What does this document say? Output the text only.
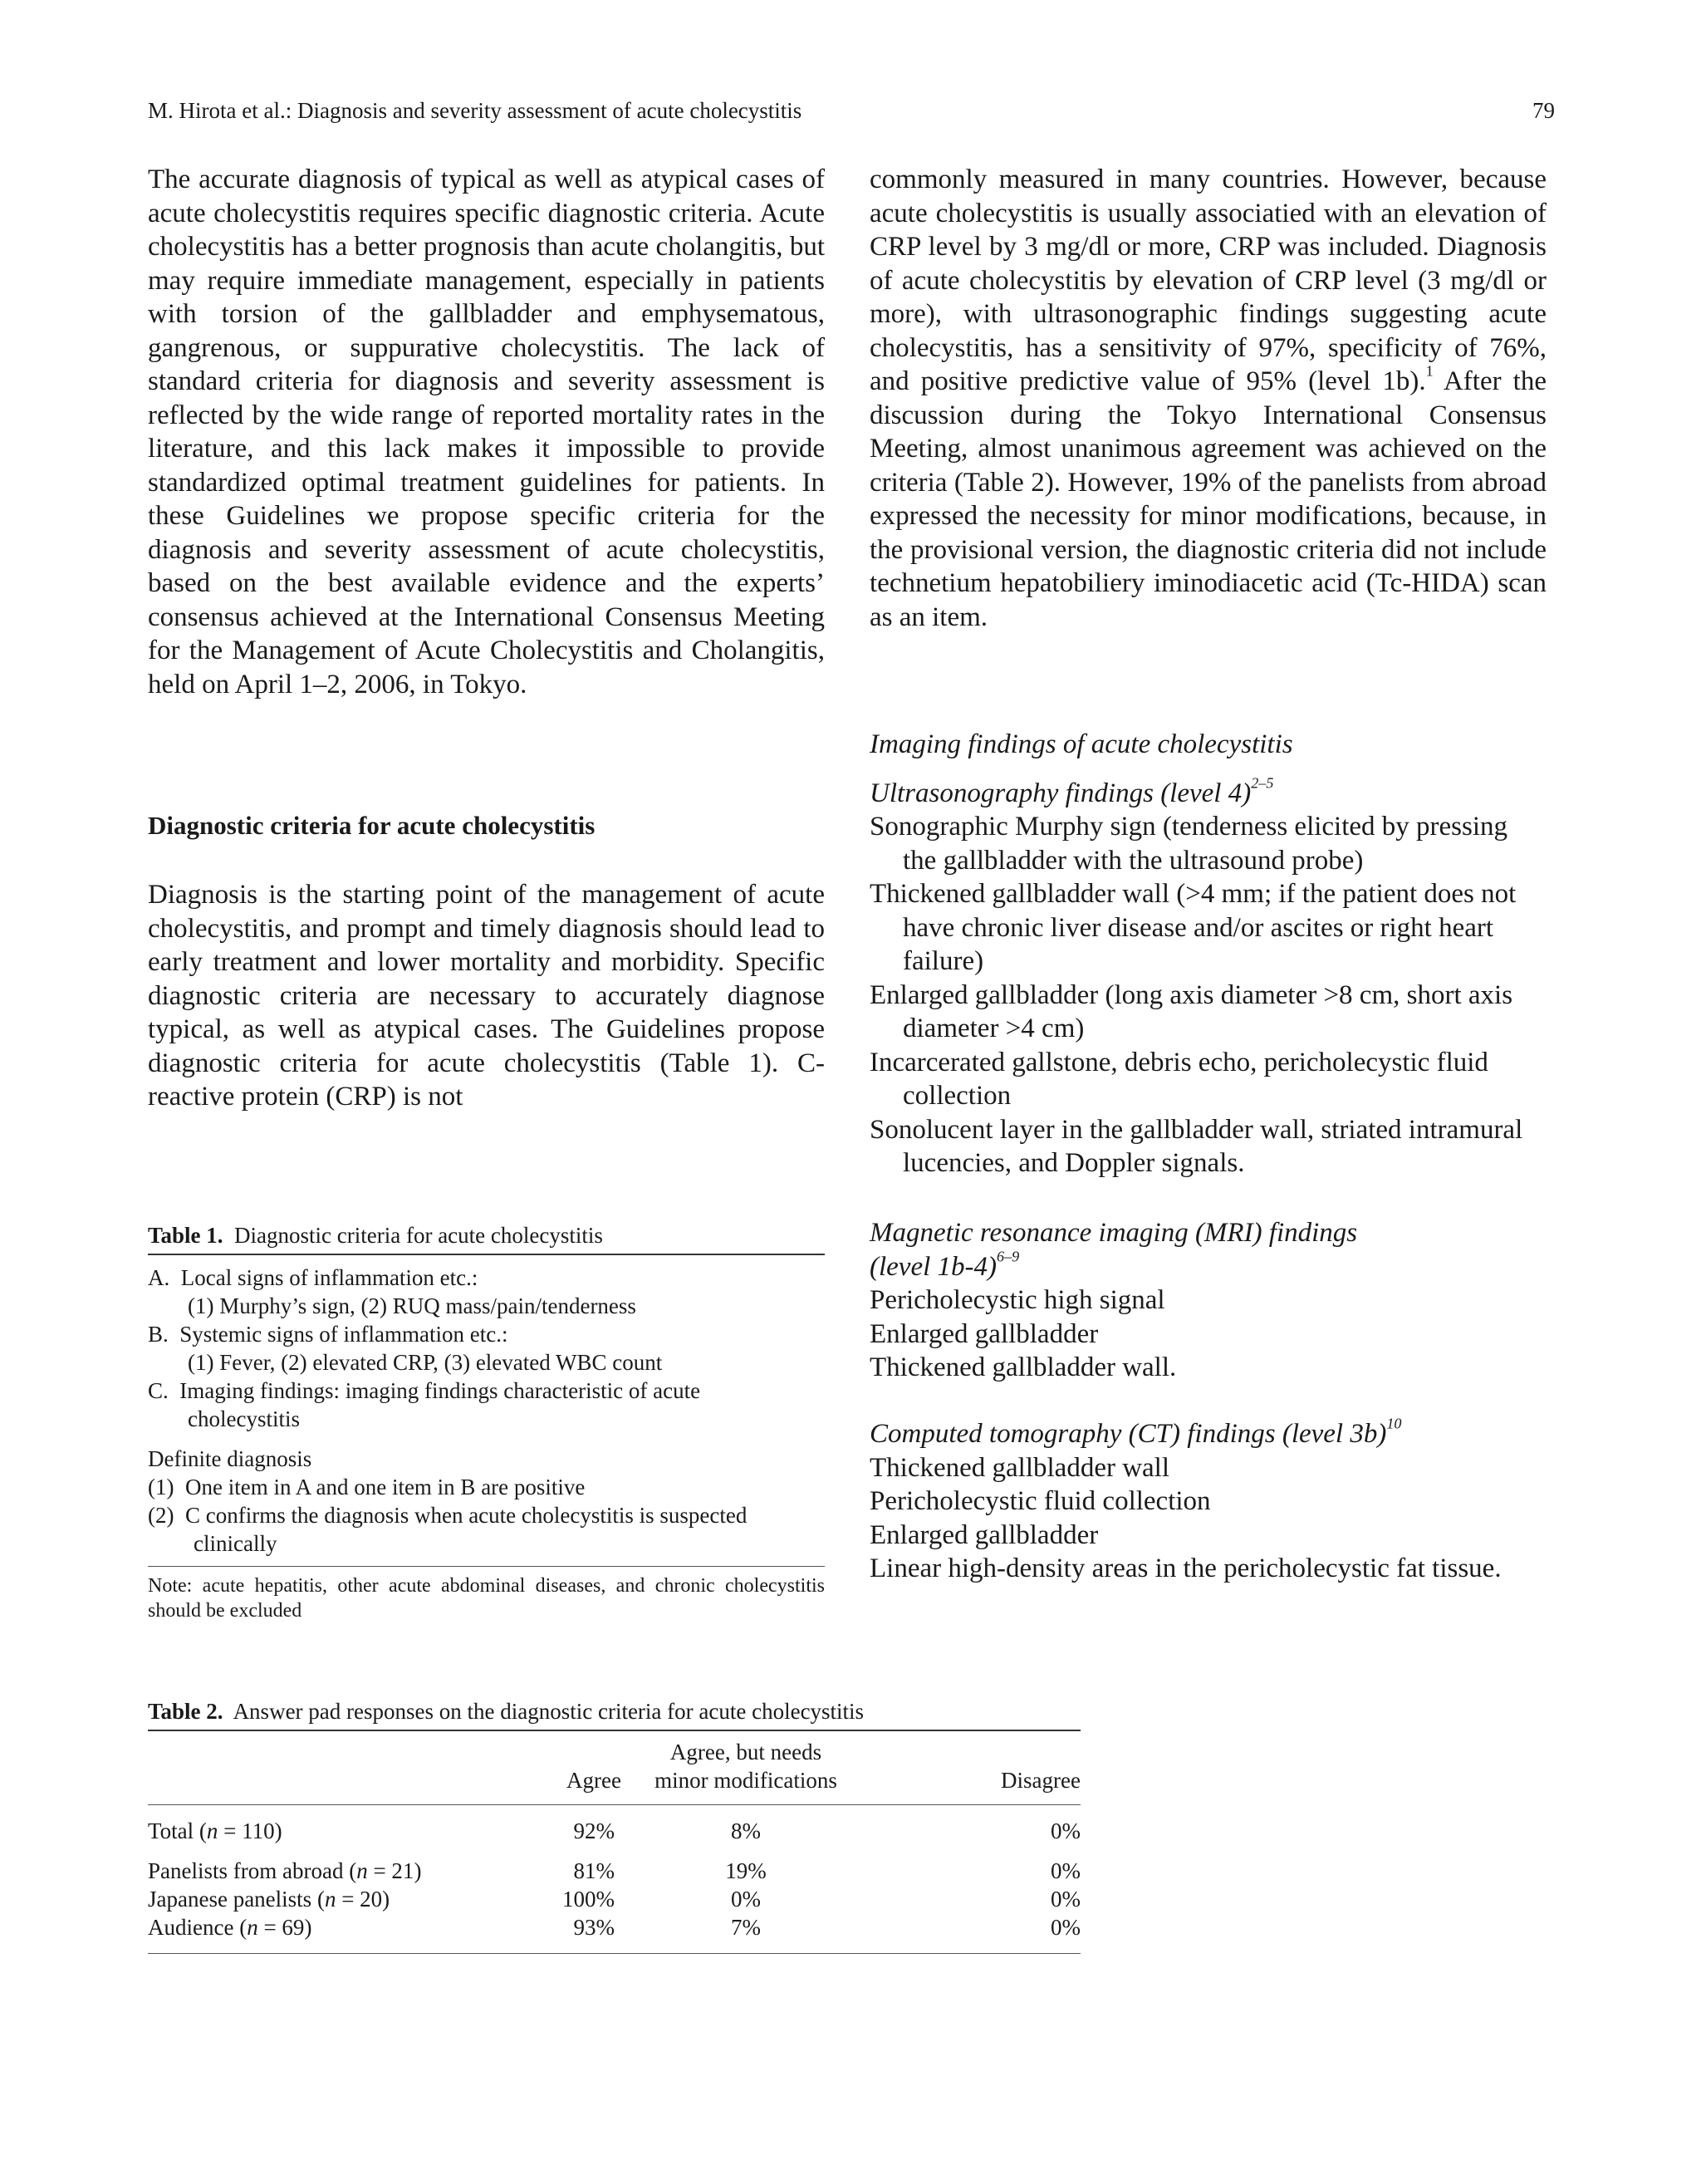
M. Hirota et al.: Diagnosis and severity assessment of acute cholecystitis	79

The accurate diagnosis of typical as well as atypical cases of acute cholecystitis requires specific diagnostic criteria. Acute cholecystitis has a better prognosis than acute cholangitis, but may require immediate management, especially in patients with torsion of the gallbladder and emphysematous, gangrenous, or suppurative cholecystitis. The lack of standard criteria for diagnosis and severity assessment is reflected by the wide range of reported mortality rates in the literature, and this lack makes it impossible to provide standardized optimal treatment guidelines for patients. In these Guidelines we propose specific criteria for the diagnosis and severity assessment of acute cholecystitis, based on the best available evidence and the experts’ consensus achieved at the International Consensus Meeting for the Management of Acute Cholecystitis and Cholangitis, held on April 1–2, 2006, in Tokyo.

Diagnostic criteria for acute cholecystitis

Diagnosis is the starting point of the management of acute cholecystitis, and prompt and timely diagnosis should lead to early treatment and lower mortality and morbidity. Specific diagnostic criteria are necessary to accurately diagnose typical, as well as atypical cases. The Guidelines propose diagnostic criteria for acute cholecystitis (Table 1). C-reactive protein (CRP) is not

commonly measured in many countries. However, because acute cholecystitis is usually associatied with an elevation of CRP level by 3 mg/dl or more, CRP was included. Diagnosis of acute cholecystitis by elevation of CRP level (3 mg/dl or more), with ultrasonographic findings suggesting acute cholecystitis, has a sensitivity of 97%, specificity of 76%, and positive predictive value of 95% (level 1b).$^1$ After the discussion during the Tokyo International Consensus Meeting, almost unanimous agreement was achieved on the criteria (Table 2). However, 19% of the panelists from abroad expressed the necessity for minor modifications, because, in the provisional version, the diagnostic criteria did not include technetium hepatobiliery iminodiacetic acid (Tc-HIDA) scan as an item.

Imaging findings of acute cholecystitis
Ultrasonography findings (level 4)$^{2-5}$

Sonographic Murphy sign (tenderness elicited by pressing the gallbladder with the ultrasound probe)

Thickened gallbladder wall (>4 mm; if the patient does not have chronic liver disease and/or ascites or right heart failure)

Enlarged gallbladder (long axis diameter >8 cm, short axis diameter >4 cm)

Incarcerated gallstone, debris echo, pericholecystic fluid collection

Sonolucent layer in the gallbladder wall, striated intramural lucencies, and Doppler signals.

Magnetic resonance imaging (MRI) findings
(level 1b-4)$^{6-9}$

Pericholecystic high signal

Enlarged gallbladder

Thickened gallbladder wall.

Computed tomography (CT) findings (level 3b)$^{10}$

Thickened gallbladder wall

Pericholecystic fluid collection

Enlarged gallbladder

Linear high-density areas in the pericholecystic fat tissue.

Table 1. Diagnostic criteria for acute cholecystitis

A. Local signs of inflammation etc.:

(1) Murphy’s sign, (2) RUQ mass/pain/tenderness

B. Systemic signs of inflammation etc.:

(1) Fever, (2) elevated CRP, (3) elevated WBC count

C. Imaging findings: imaging findings characteristic of acute

cholecystitis

Definite diagnosis

(1) One item in A and one item in B are positive

(2) C confirms the diagnosis when acute cholecystitis is suspected clinically

Note: acute hepatitis, other acute abdominal diseases, and chronic cholecystitis should be excluded
Table 2. Answer pad responses on the diagnostic criteria for acute cholecystitis
	Agree	Agree, but needs minor modifications	Disagree
Total (n = 110)	92%	8%	0%
Panelists from abroad (n = 21)	81%	19%	0%
Japanese panelists (n = 20)	100%	0%	0%
Audience (n = 69)	93%	7%	0%
